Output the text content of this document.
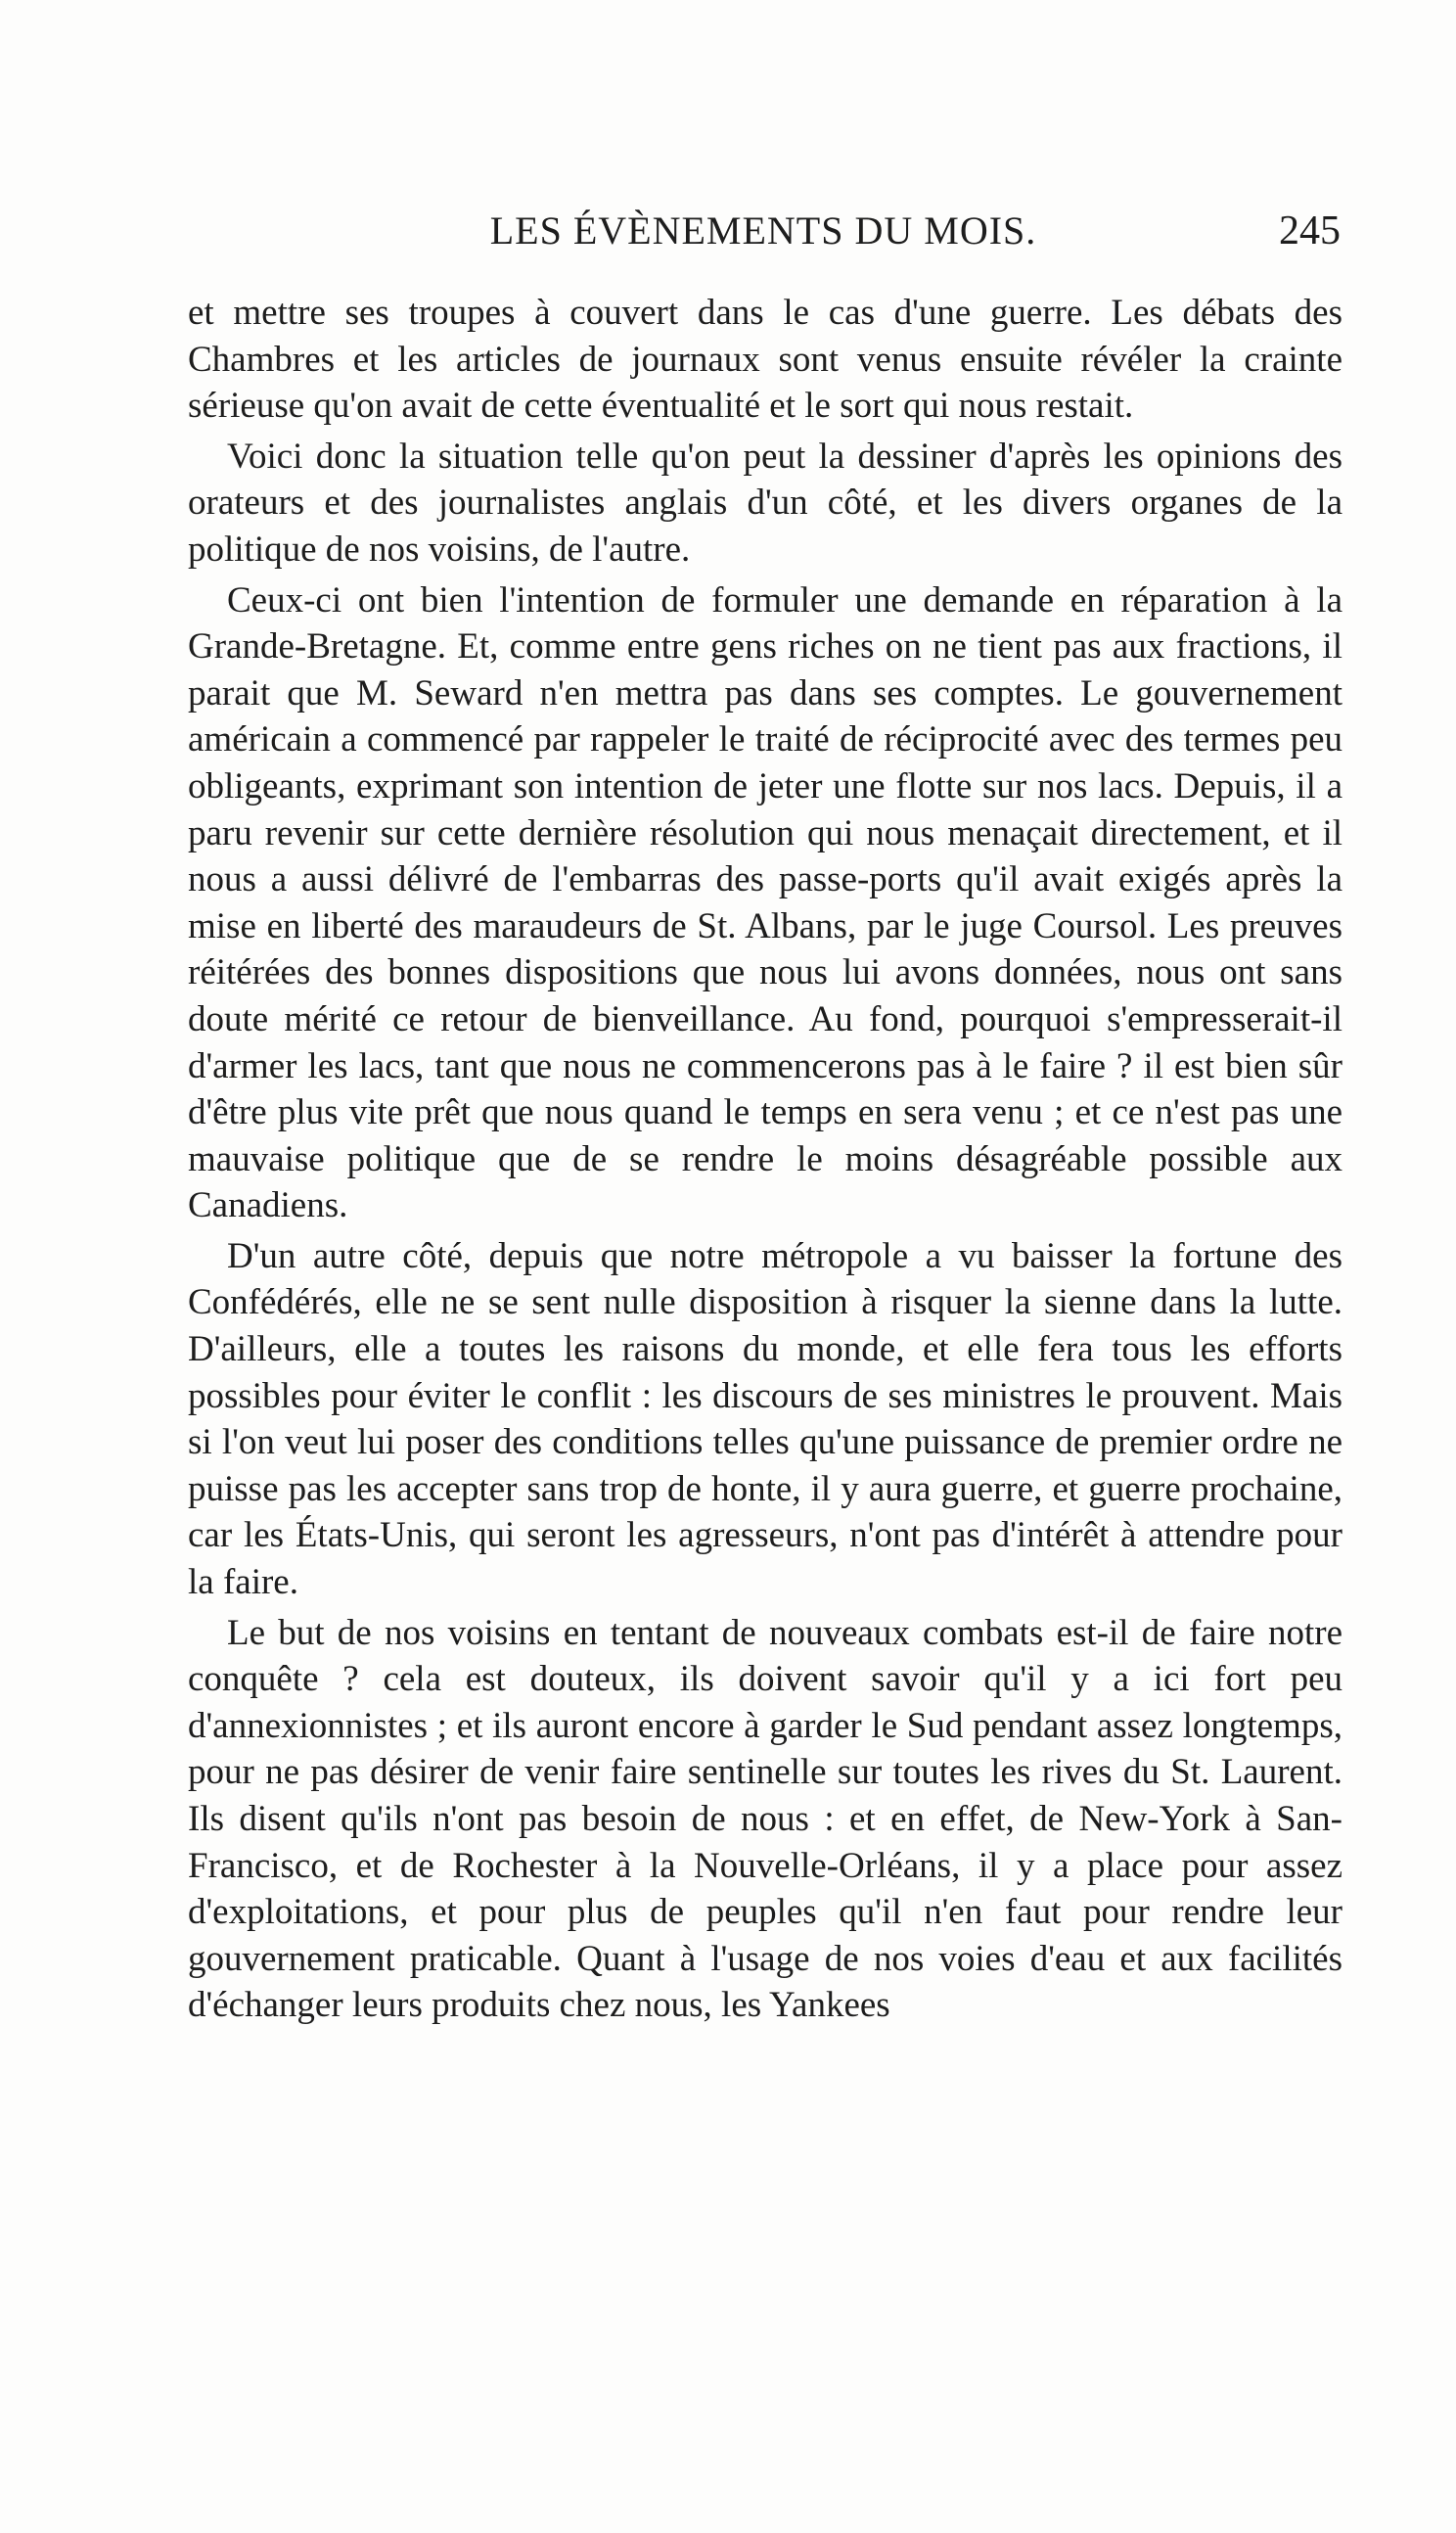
LES ÉVÈNEMENTS DU MOIS.	245

et mettre ses troupes à couvert dans le cas d'une guerre. Les débats des Chambres et les articles de journaux sont venus ensuite révéler la crainte sérieuse qu'on avait de cette éventualité et le sort qui nous restait.

Voici donc la situation telle qu'on peut la dessiner d'après les opinions des orateurs et des journalistes anglais d'un côté, et les divers organes de la politique de nos voisins, de l'autre.

Ceux-ci ont bien l'intention de formuler une demande en réparation à la Grande-Bretagne. Et, comme entre gens riches on ne tient pas aux fractions, il parait que M. Seward n'en mettra pas dans ses comptes. Le gouvernement américain a commencé par rappeler le traité de réciprocité avec des termes peu obligeants, exprimant son intention de jeter une flotte sur nos lacs. Depuis, il a paru revenir sur cette dernière résolution qui nous menaçait directement, et il nous a aussi délivré de l'embarras des passe-ports qu'il avait exigés après la mise en liberté des maraudeurs de St. Albans, par le juge Coursol. Les preuves réitérées des bonnes dispositions que nous lui avons données, nous ont sans doute mérité ce retour de bienveillance. Au fond, pourquoi s'empresserait-il d'armer les lacs, tant que nous ne commencerons pas à le faire ? il est bien sûr d'être plus vite prêt que nous quand le temps en sera venu ; et ce n'est pas une mauvaise politique que de se rendre le moins désagréable possible aux Canadiens.

D'un autre côté, depuis que notre métropole a vu baisser la fortune des Confédérés, elle ne se sent nulle disposition à risquer la sienne dans la lutte. D'ailleurs, elle a toutes les raisons du monde, et elle fera tous les efforts possibles pour éviter le conflit : les discours de ses ministres le prouvent. Mais si l'on veut lui poser des conditions telles qu'une puissance de premier ordre ne puisse pas les accepter sans trop de honte, il y aura guerre, et guerre prochaine, car les États-Unis, qui seront les agresseurs, n'ont pas d'intérêt à attendre pour la faire.

Le but de nos voisins en tentant de nouveaux combats est-il de faire notre conquête ? cela est douteux, ils doivent savoir qu'il y a ici fort peu d'annexionnistes ; et ils auront encore à garder le Sud pendant assez longtemps, pour ne pas désirer de venir faire sentinelle sur toutes les rives du St. Laurent. Ils disent qu'ils n'ont pas besoin de nous : et en effet, de New-York à San-Francisco, et de Rochester à la Nouvelle-Orléans, il y a place pour assez d'exploitations, et pour plus de peuples qu'il n'en faut pour rendre leur gouvernement praticable. Quant à l'usage de nos voies d'eau et aux facilités d'échanger leurs produits chez nous, les Yankees
